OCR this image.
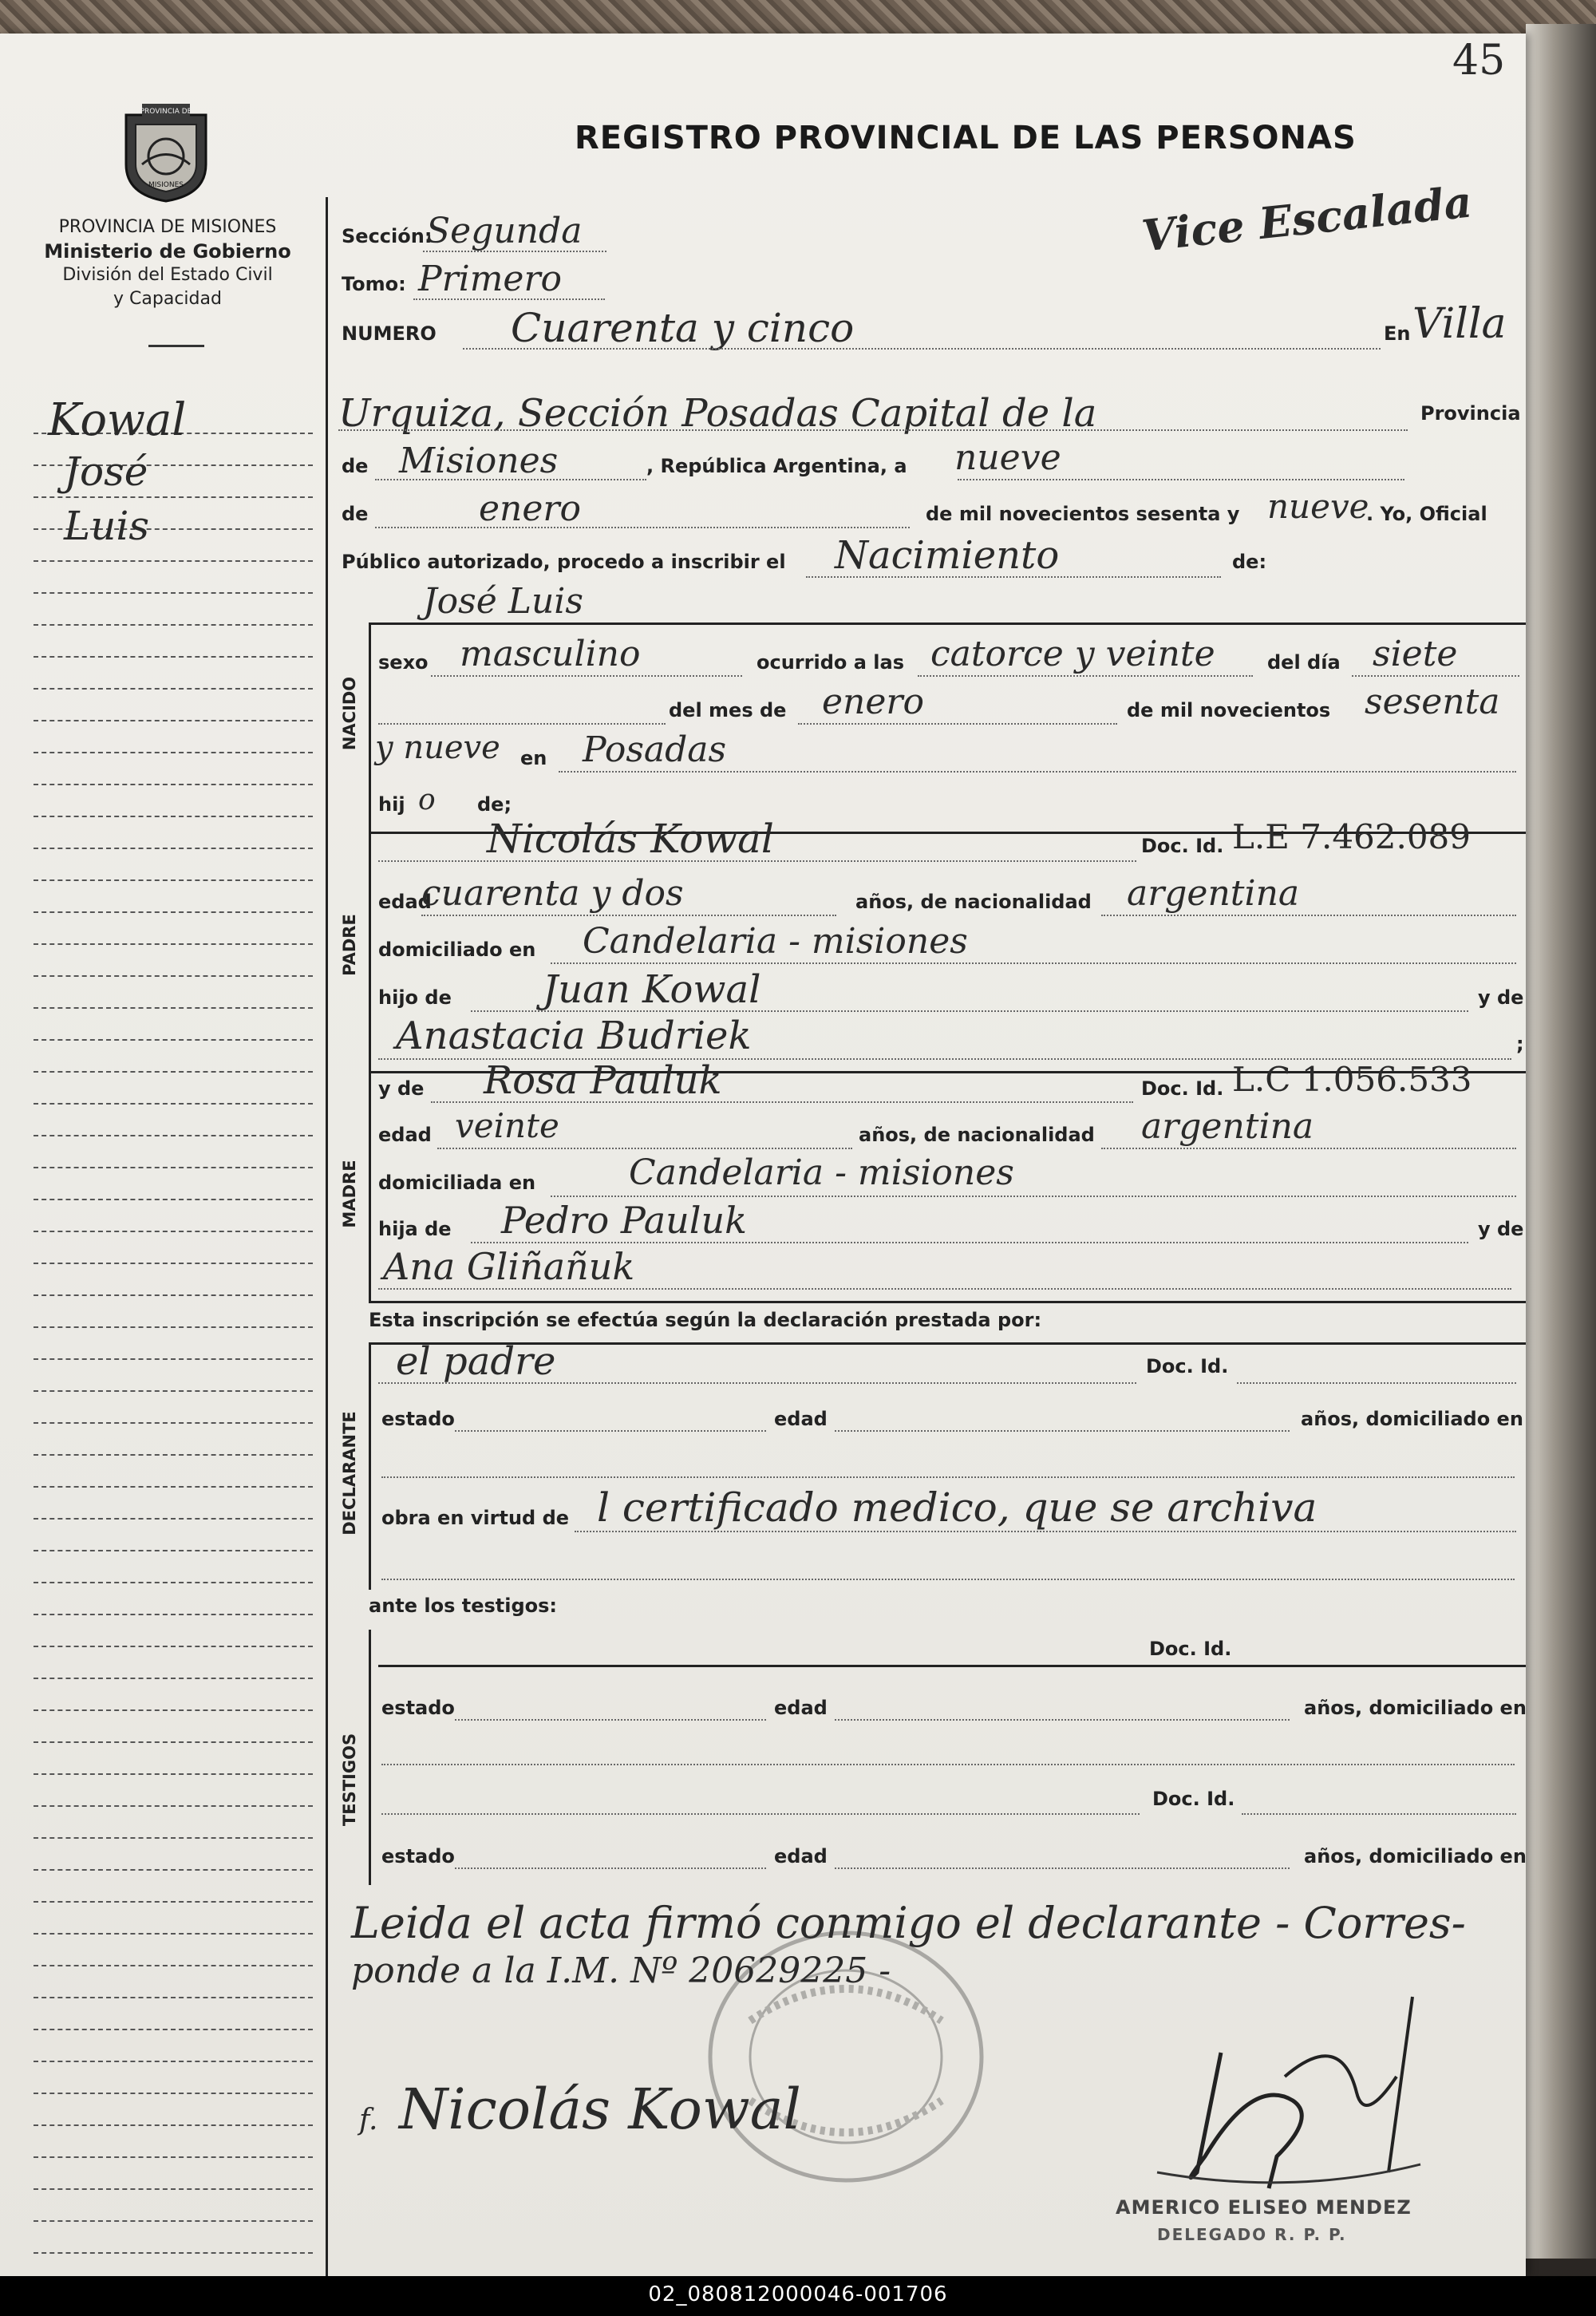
45
PROVINCIA DE
MISIONES
PROVINCIA DE MISIONES
Ministerio de Gobierno
División del Estado Civil
y Capacidad
REGISTRO PROVINCIAL DE LAS PERSONAS
Vice Escalada
Kowal
José
Luis
Sección:
Segunda
Tomo: Primero
NUMERO Cuarenta y cinco	En Villa
Urquiza, Sección Posadas Capital de la	Provincia
de Misiones	, República Argentina, a nueve
de	enero	de mil novecientos sesenta y nueve
. Yo, Oficial
Público autorizado, procedo a inscribir el Nacimiento	de:
José Luis
NACIDO
sexo masculino	ocurrido a las catorce y veinte	del día siete
del mes de enero	de mil novecientos sesenta
y nueve en Posadas
hij o de;
PADRE
Nicolás Kowal	Doc. Id. L.E 7.462.089
edad
cuarenta y dos	años, de nacionalidad argentina
domiciliado en Candelaria - misiones
hijo de Juan Kowal	y de
Anastacia Budriek	;
MADRE
y de Rosa Pauluk	Doc. Id. L.C 1.056.533
edad veinte	años, de nacionalidad argentina
domiciliada en	Candelaria - misiones
hija de Pedro Pauluk	y de
Ana Gliñañuk
Esta inscripción se efectúa según la declaración prestada por:
DECLARANTE
el padre	Doc. Id.
estado	edad	años, domiciliado en
obra en virtud de l certificado medico, que se archiva
ante los testigos:
TESTIGOS
Doc. Id.
estado	edad	años, domiciliado en
Doc. Id.
estado	edad	años, domiciliado en
Leida el acta firmó conmigo el declarante - Corres-
ponde a la I.M. Nº 20629225 -
f. Nicolás Kowal
AMERICO ELISEO MENDEZ
DELEGADO R. P. P.
02_080812000046-001706
